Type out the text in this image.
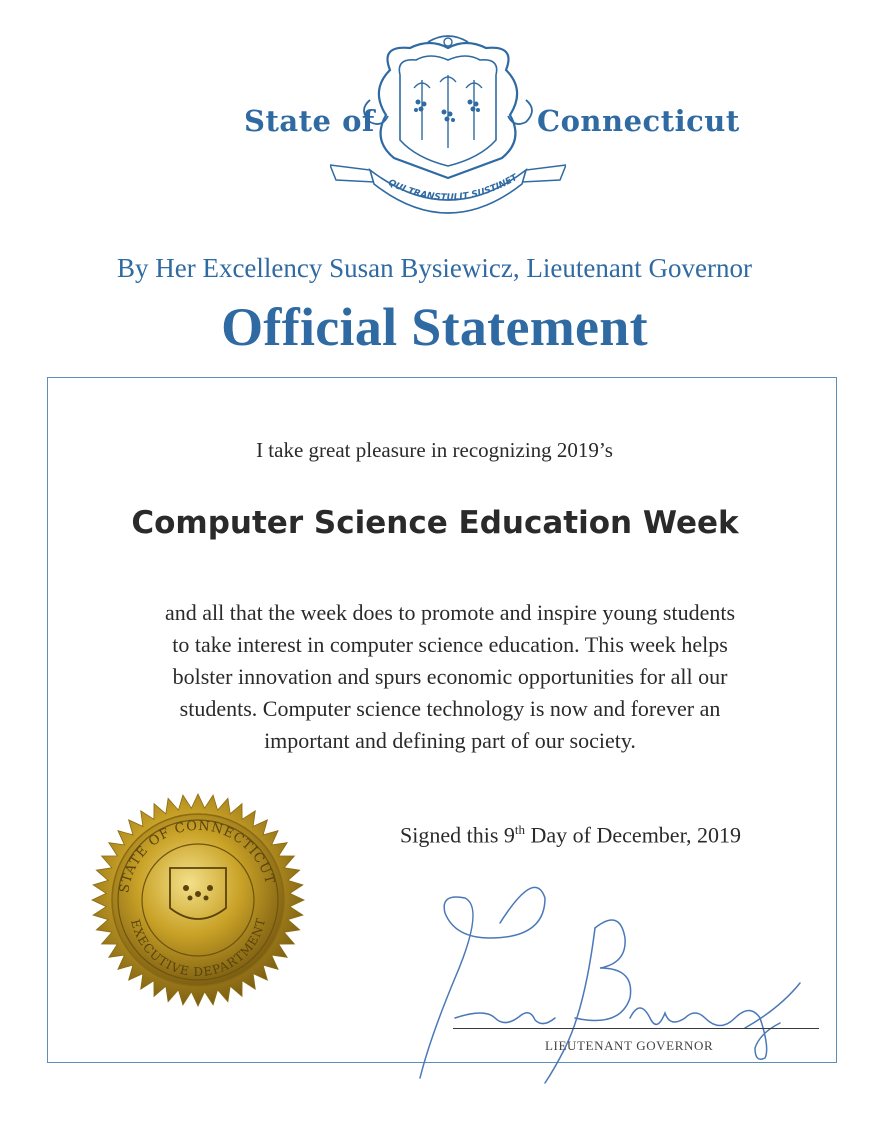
State of
QUI TRANSTULIT SUSTINET
Connecticut
By Her Excellency Susan Bysiewicz, Lieutenant Governor
Official Statement
I take great pleasure in recognizing 2019’s
Computer Science Education Week
and all that the week does to promote and inspire young students
to take interest in computer science education. This week helps
bolster innovation and spurs economic opportunities for all our
students. Computer science technology is now and forever an
important and defining part of our society.
Signed this 9th Day of December, 2019
STATE OF CONNECTICUT
EXECUTIVE DEPARTMENT
LIEUTENANT GOVERNOR
